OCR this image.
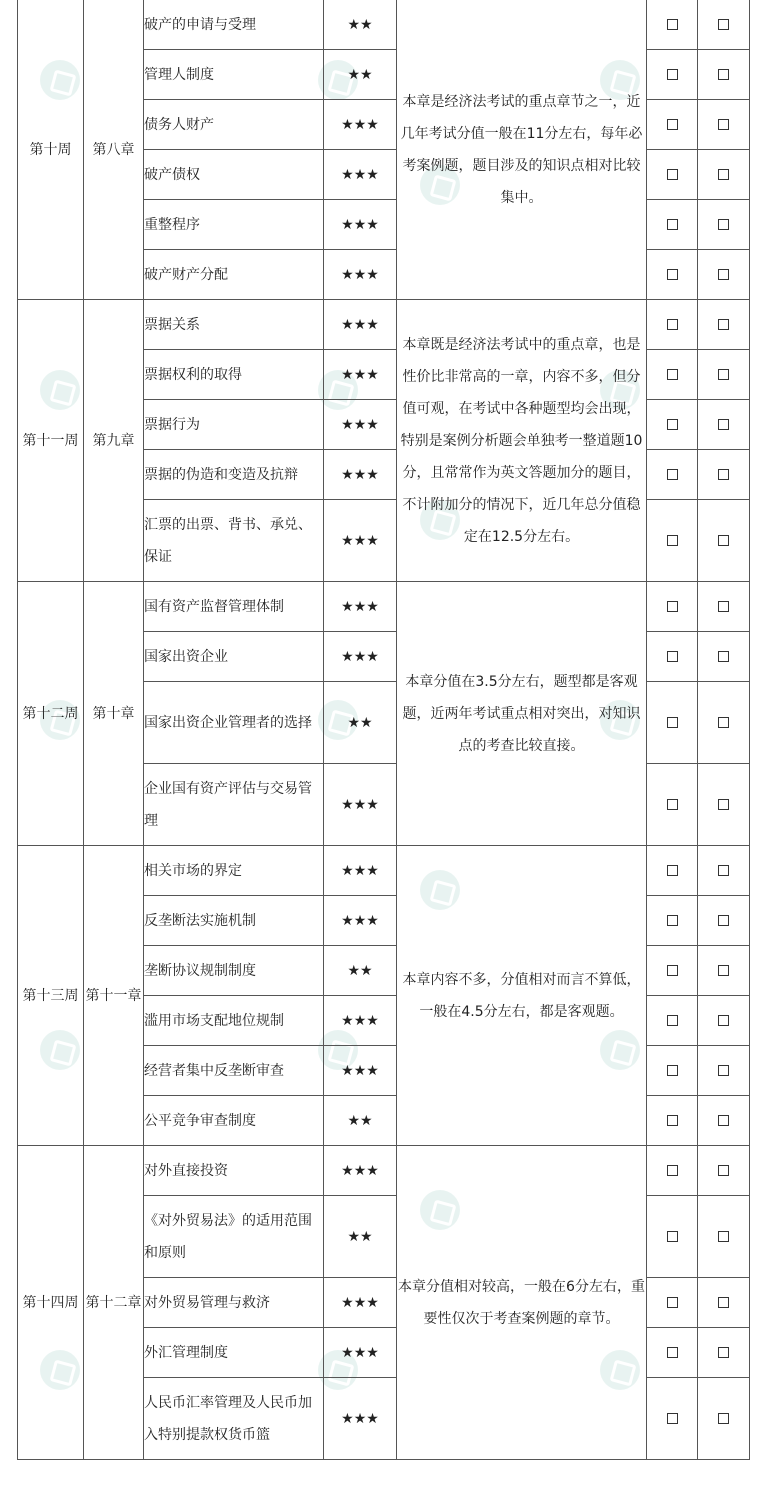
第十周	第八章	破产的申请与受理	★★	本章是经济法考试的重点章节之一，近几年考试分值一般在11分左右，每年必考案例题，题目涉及的知识点相对比较集中。		
		管理人制度	★★			
		债务人财产	★★★			
		破产债权	★★★			
		重整程序	★★★			
		破产财产分配	★★★			
第十一周	第九章	票据关系	★★★	本章既是经济法考试中的重点章，也是性价比非常高的一章，内容不多，但分值可观，在考试中各种题型均会出现，特别是案例分析题会单独考一整道题10分，且常常作为英文答题加分的题目，不计附加分的情况下，近几年总分值稳定在12.5分左右。		
		票据权利的取得	★★★			
		票据行为	★★★			
		票据的伪造和变造及抗辩	★★★			
		汇票的出票、背书、承兑、保证	★★★			
第十二周	第十章	国有资产监督管理体制	★★★	本章分值在3.5分左右，题型都是客观题，近两年考试重点相对突出，对知识点的考查比较直接。		
		国家出资企业	★★★			
		国家出资企业管理者的选择	★★			
		企业国有资产评估与交易管理	★★★			
第十三周	第十一章	相关市场的界定	★★★	本章内容不多，分值相对而言不算低，一般在4.5分左右，都是客观题。		
		反垄断法实施机制	★★★			
		垄断协议规制制度	★★			
		滥用市场支配地位规制	★★★			
		经营者集中反垄断审查	★★★			
		公平竞争审查制度	★★			
第十四周	第十二章	对外直接投资	★★★	本章分值相对较高，一般在6分左右，重要性仅次于考查案例题的章节。		
		《对外贸易法》的适用范围和原则	★★			
		对外贸易管理与救济	★★★			
		外汇管理制度	★★★			
		人民币汇率管理及人民币加入特别提款权货币篮	★★★			
